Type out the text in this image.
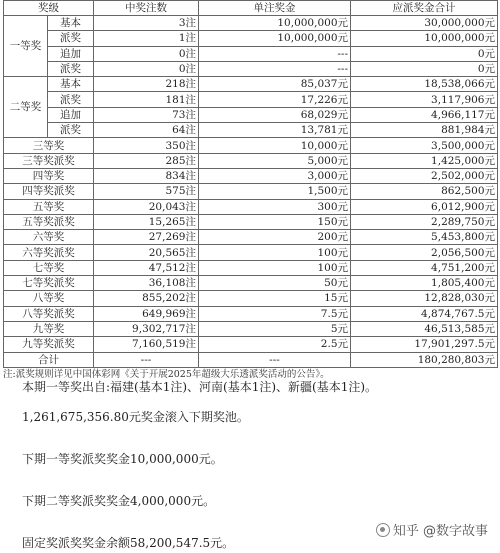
奖级		中奖注数	单注奖金	应派奖金合计
一等奖	基本	3注	10,000,000元	30,000,000元
	派奖	1注	10,000,000元	10,000,000元
	追加	0注	---	0元
	派奖	0注	---	0元
二等奖	基本	218注	85,037元	18,538,066元
	派奖	181注	17,226元	3,117,906元
	追加	73注	68,029元	4,966,117元
	派奖	64注	13,781元	881,984元
三等奖		350注	10,000元	3,500,000元
三等奖派奖		285注	5,000元	1,425,000元
四等奖		834注	3,000元	2,502,000元
四等奖派奖		575注	1,500元	862,500元
五等奖		20,043注	300元	6,012,900元
五等奖派奖		15,265注	150元	2,289,750元
六等奖		27,269注	200元	5,453,800元
六等奖派奖		20,565注	100元	2,056,500元
七等奖		47,512注	100元	4,751,200元
七等奖派奖		36,108注	50元	1,805,400元
八等奖		855,202注	15元	12,828,030元
八等奖派奖		649,969注	7.5元	4,874,767.5元
九等奖		9,302,717注	5元	46,513,585元
九等奖派奖		7,160,519注	2.5元	17,901,297.5元
合计		---	---	180,280,803元
注:派奖规则详见中国体彩网《关于开展2025年超级大乐透派奖活动的公告》。
本期一等奖出自:福建(基本1注)、河南(基本1注)、新疆(基本1注)。
1,261,675,356.80元奖金滚入下期奖池。
下期一等奖派奖奖金10,000,000元。
下期二等奖派奖奖金4,000,000元。
固定奖派奖奖金余额58,200,547.5元。
知乎 @数字故事
